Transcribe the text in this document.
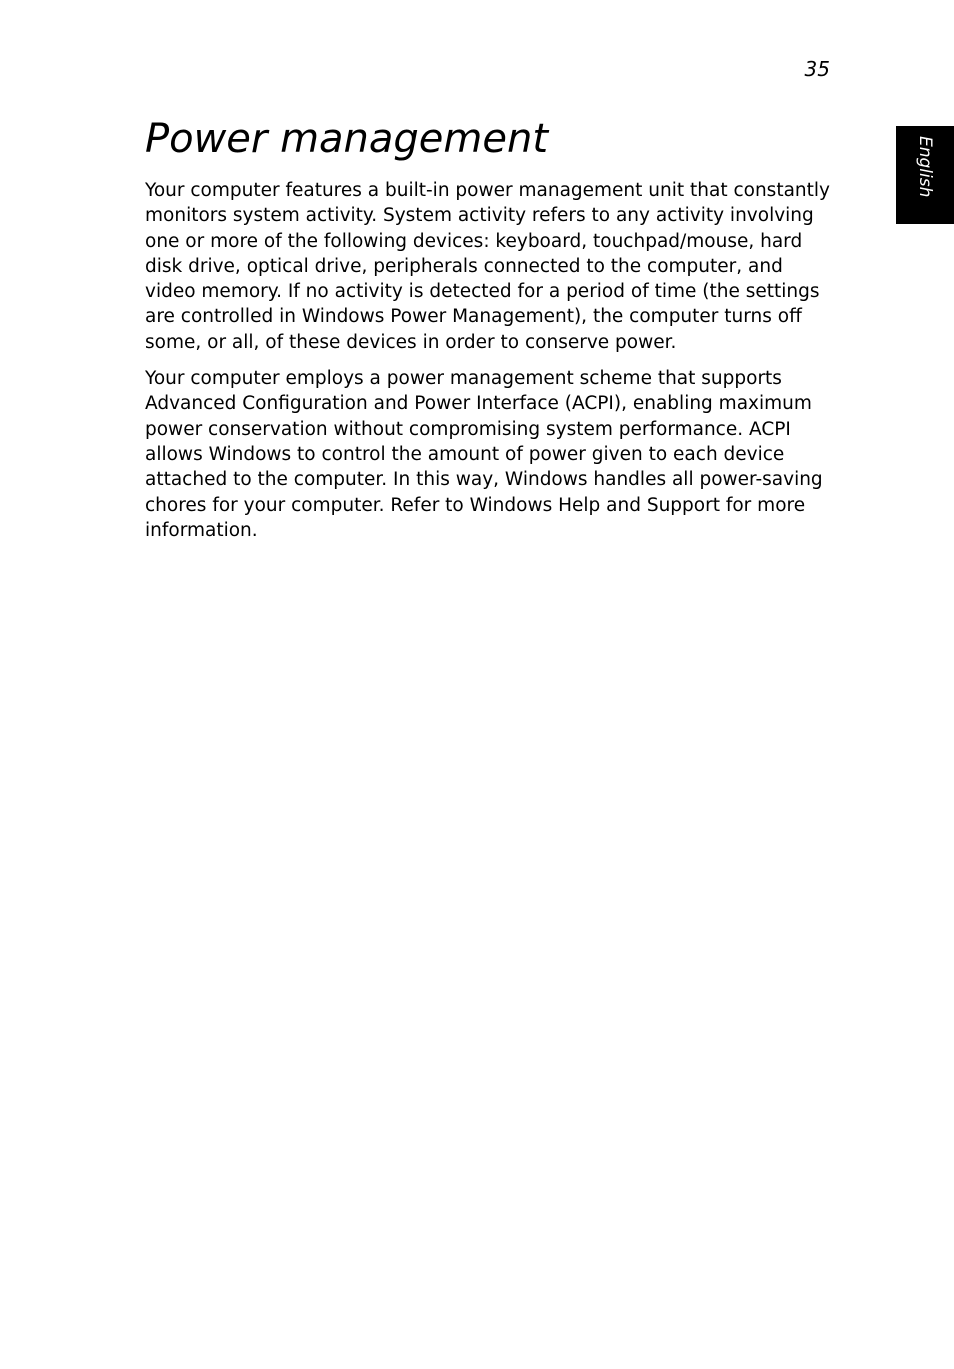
35
English
Power management

Your computer features a built-in power management unit that constantly monitors system activity. System activity refers to any activity involving one or more of the following devices: keyboard, touchpad/mouse, hard disk drive, optical drive, peripherals connected to the computer, and video memory. If no activity is detected for a period of time (the settings are controlled in Windows Power Management), the computer turns off some, or all, of these devices in order to conserve power.

Your computer employs a power management scheme that supports Advanced Configuration and Power Interface (ACPI), enabling maximum power conservation without compromising system performance. ACPI allows Windows to control the amount of power given to each device attached to the computer. In this way, Windows handles all power-saving chores for your computer. Refer to Windows Help and Support for more information.
